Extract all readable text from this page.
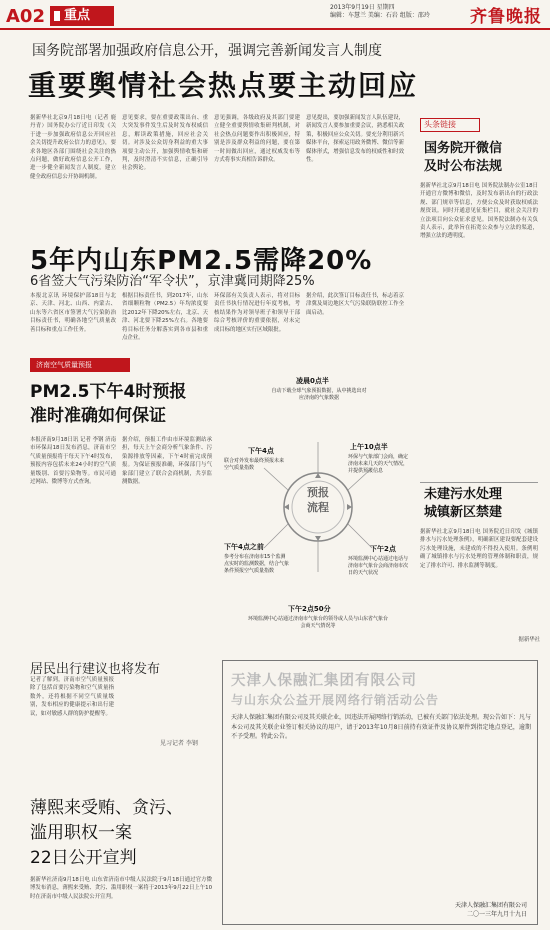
A02	重点
2013年9月19日 星期四
编辑：车慧兰 美编：石岩 组版：邵玲	齐鲁晚报
国务院部署加强政府信息公开，强调完善新闻发言人制度
重要舆情社会热点要主动回应
据新华社北京9月18日电（记者 鹿丹青）国务院办公厅近日印发《关于进一步加强政府信息公开回应社会关切提升政府公信力的意见》，要求各地区各部门围绕社会关注的热点问题，做好政府信息公开工作，进一步健全新闻发言人制度，建立健全政府信息公开协调机制。
意见要求，要在重要政策出台、重大突发事件发生后及时发布权威信息，解读政策措施，回应社会关切。对涉及公众切身利益的重大事项要主动公开，加强舆情收集和研判，及时澄清不实信息，正确引导社会舆论。
意见强调，各级政府及其部门要建立健全重要舆情收集研判机制，对社会热点问题要作出积极回应，特别是涉及群众利益的问题，要在第一时间做出回应，通过权威发布等方式将事实真相告诉群众。
意见提出，要加强新闻发言人队伍建设，新闻发言人要参加重要会议，熟悉相关政策，积极回应公众关切。要充分利用新兴媒体平台，探索运用政务微博、微信等新媒体形式，增强信息发布的权威性和时效性。
头条链接
国务院开微信
及时公布法规
据新华社北京9月18日电 国务院法制办公室18日开通官方微博和微信，及时发布新出台的行政法规、部门规章等信息，方便公众及时获取权威法规资讯。同时开通意见征集栏目，就社会关注的立法项目向公众征求意见。国务院法制办有关负责人表示，此举旨在拓宽公众参与立法的渠道，增强立法的透明度。
未建污水处理
城镇新区禁建
据新华社北京9月18日电 国务院近日印发《城镇排水与污水处理条例》，明确新区建设要配套建设污水处理设施，未建成的不得投入使用。条例明确了城镇排水与污水处理的管理体制和职责，规定了排水许可、排水监测等制度。
据新华社
5年内山东PM2.5需降20%
6省签大气污染防治“军令状”，京津冀同期降25%
本报北京讯 环境保护部18日与北京、天津、河北、山西、内蒙古、山东等六省区市签署大气污染防治目标责任书，明确各地空气质量改善目标和重点工作任务。
根据目标责任书，到2017年，山东省细颗粒物（PM2.5）年均浓度要比2012年下降20%左右，北京、天津、河北要下降25%左右。各地要将目标任务分解落实到各市县和重点企业。
环保部有关负责人表示，将对目标责任书执行情况进行年度考核，考核结果作为对领导班子和领导干部综合考核评价的重要依据，对未完成目标的地区实行区域限批。
据介绍，此次签订目标责任书，标志着京津冀及周边地区大气污染联防联控工作全面启动。
济南空气质量预报
PM2.5下午4时预报
准时准确如何保证
本报济南9月18日讯 记者 李钢 济南市环保局18日发布消息，济南市空气质量预报将于每天下午4时发布，预报内容包括未来24小时的空气质量级别、首要污染物等。市民可通过网站、微博等方式查询。
据介绍，预报工作由市环境监测站承担，每天上午会商分析气象条件、污染源排放等因素，下午4时前完成预报。为保证预报准确，环保部门与气象部门建立了联合会商机制，共享监测数据。
预报
流程
凌晨0点半
自动下载全球气象预报数据，从中挑选出对应济南的气象数据
上午10点半
环保与气象部门会商，确定济南未来几天的天气情况，并提供预报信息
下午2点
环境监测中心站通过电话与济南市气象台会商济南市次日的天气状况
下午2点50分
环境监测中心站通过济南市气象台的领导或人员与山东省气象台会商天气情况等
下午4点之前
参考分布在济南市15个监测点实时的监测数据，结合气象条件预报空气质量指数
下午4点
联合对外发布最终预报未来空气质量指数
居民出行建议也将发布
记者了解到，济南市空气质量预报除了包括首要污染物和空气质量指数外，还将根据不同空气质量级别，发布相应的健康提示和出行建议，如对敏感人群的防护提醒等。
见习记者 李钢
天津人保融汇集团有限公司
与山东众公益开展网络行销活动公告
天津人保融汇集团有限公司及其关联企业，因违法开展网络行销活动，已被有关部门依法处理。现公告如下：凡与本公司及其关联企业签订相关协议的用户，请于2013年10月8日前持有效证件及协议原件到指定地点登记，逾期不予受理。特此公告。
天津人保融汇集团有限公司
二〇一三年九月十九日
薄熙来受贿、贪污、
滥用职权一案
22日公开宣判
据新华社济南9月18日电 山东省济南市中级人民法院于9月18日通过官方微博发布消息，薄熙来受贿、贪污、滥用职权一案将于2013年9月22日上午10时在济南市中级人民法院公开宣判。
